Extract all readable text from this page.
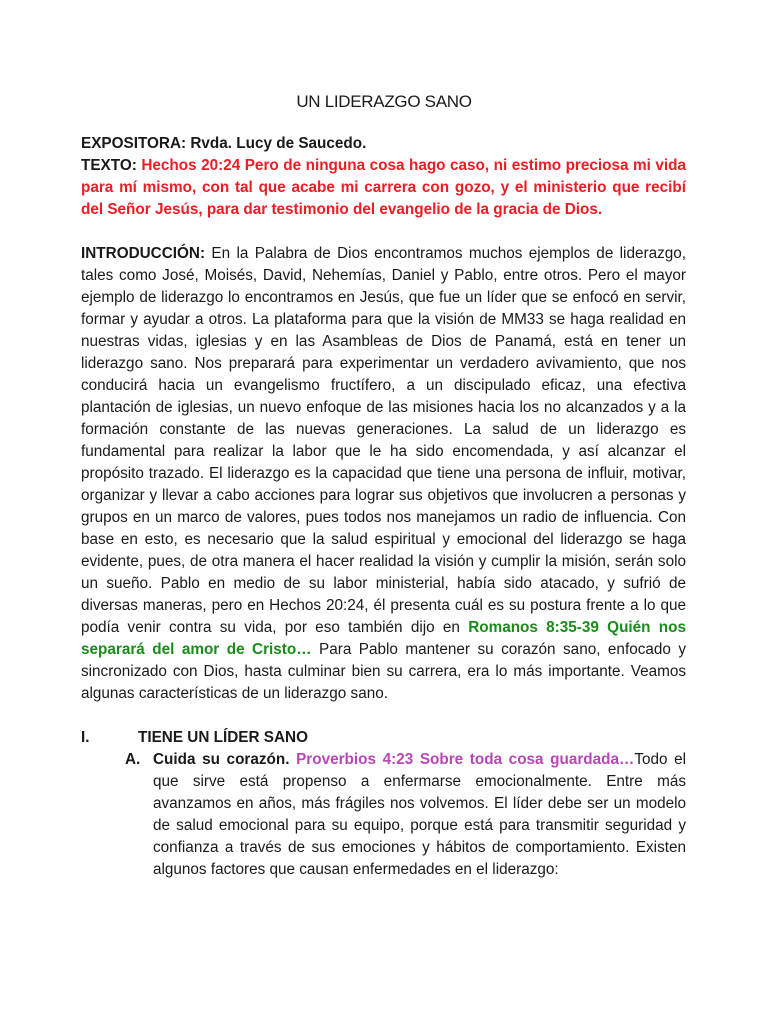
UN LIDERAZGO SANO

EXPOSITORA: Rvda. Lucy de Saucedo.

TEXTO: Hechos 20:24 Pero de ninguna cosa hago caso, ni estimo preciosa mi vida para mí mismo, con tal que acabe mi carrera con gozo, y el ministerio que recibí del Señor Jesús, para dar testimonio del evangelio de la gracia de Dios.

INTRODUCCIÓN: En la Palabra de Dios encontramos muchos ejemplos de liderazgo, tales como José, Moisés, David, Nehemías, Daniel y Pablo, entre otros. Pero el mayor ejemplo de liderazgo lo encontramos en Jesús, que fue un líder que se enfocó en servir, formar y ayudar a otros. La plataforma para que la visión de MM33 se haga realidad en nuestras vidas, iglesias y en las Asambleas de Dios de Panamá, está en tener un liderazgo sano. Nos preparará para experimentar un verdadero avivamiento, que nos conducirá hacia un evangelismo fructífero, a un discipulado eficaz, una efectiva plantación de iglesias, un nuevo enfoque de las misiones hacia los no alcanzados y a la formación constante de las nuevas generaciones. La salud de un liderazgo es fundamental para realizar la labor que le ha sido encomendada, y así alcanzar el propósito trazado. El liderazgo es la capacidad que tiene una persona de influir, motivar, organizar y llevar a cabo acciones para lograr sus objetivos que involucren a personas y grupos en un marco de valores, pues todos nos manejamos un radio de influencia. Con base en esto, es necesario que la salud espiritual y emocional del liderazgo se haga evidente, pues, de otra manera el hacer realidad la visión y cumplir la misión, serán solo un sueño. Pablo en medio de su labor ministerial, había sido atacado, y sufrió de diversas maneras, pero en Hechos 20:24, él presenta cuál es su postura frente a lo que podía venir contra su vida, por eso también dijo en Romanos 8:35-39 Quién nos separará del amor de Cristo… Para Pablo mantener su corazón sano, enfocado y sincronizado con Dios, hasta culminar bien su carrera, era lo más importante. Veamos algunas características de un liderazgo sano.

I.	TIENE UN LÍDER SANO
A. Cuida su corazón. Proverbios 4:23 Sobre toda cosa guardada…Todo el que sirve está propenso a enfermarse emocionalmente. Entre más avanzamos en años, más frágiles nos volvemos. El líder debe ser un modelo de salud emocional para su equipo, porque está para transmitir seguridad y confianza a través de sus emociones y hábitos de comportamiento. Existen algunos factores que causan enfermedades en el liderazgo:
